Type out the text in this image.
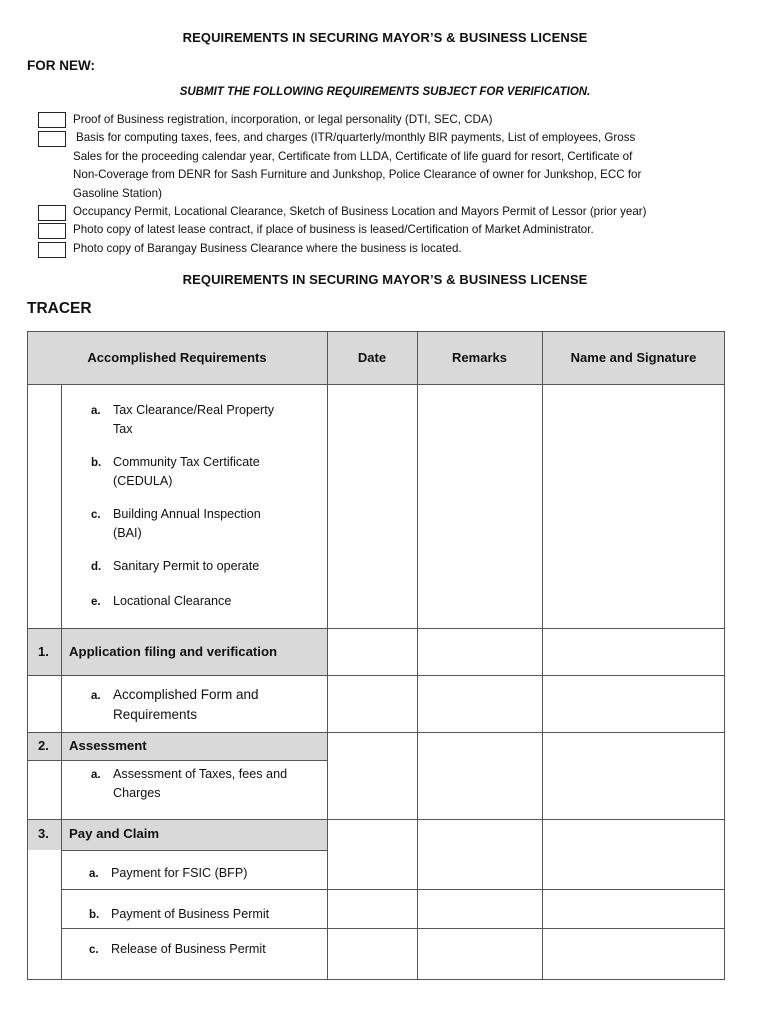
REQUIREMENTS IN SECURING MAYOR’S & BUSINESS LICENSE
FOR NEW:
SUBMIT THE FOLLOWING REQUIREMENTS SUBJECT FOR VERIFICATION.
Proof of Business registration, incorporation, or legal personality (DTI, SEC, CDA)
Basis for computing taxes, fees, and charges (ITR/quarterly/monthly BIR payments, List of employees, Gross
Sales for the proceeding calendar year, Certificate from LLDA, Certificate of life guard for resort, Certificate of
Non-Coverage from DENR for Sash Furniture and Junkshop, Police Clearance of owner for Junkshop, ECC for
Gasoline Station)
Occupancy Permit, Locational Clearance, Sketch of Business Location and Mayors Permit of Lessor (prior year)
Photo copy of latest lease contract, if place of business is leased/Certification of Market Administrator.
Photo copy of Barangay Business Clearance where the business is located.
REQUIREMENTS IN SECURING MAYOR’S & BUSINESS LICENSE
TRACER
Accomplished Requirements	Date	Remarks	Name and Signature
a. Tax Clearance/Real Property
Tax
b. Community Tax Certificate
(CEDULA)
c. Building Annual Inspection
(BAI)
d. Sanitary Permit to operate
e. Locational Clearance
1. Application filing and verification
a. Accomplished Form and
Requirements
2. Assessment
a. Assessment of Taxes, fees and
Charges
3. Pay and Claim
a. Payment for FSIC (BFP)
b. Payment of Business Permit
c. Release of Business Permit
